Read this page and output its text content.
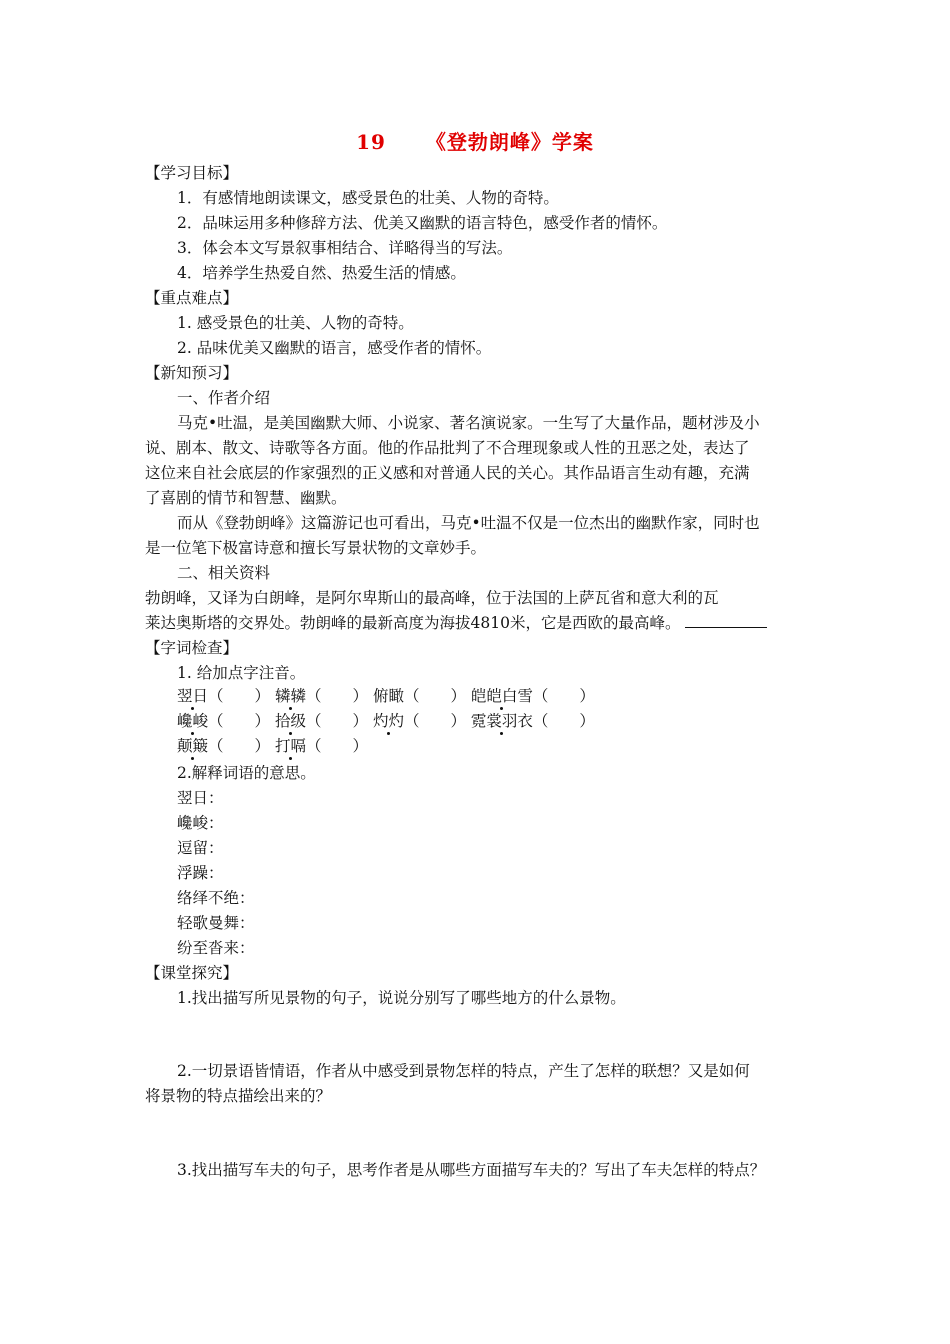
19 《登勃朗峰》学案
【学习目标】
1．有感情地朗读课文，感受景色的壮美、人物的奇特。
2．品味运用多种修辞方法、优美又幽默的语言特色，感受作者的情怀。
3．体会本文写景叙事相结合、详略得当的写法。
4．培养学生热爱自然、热爱生活的情感。
【重点难点】
1. 感受景色的壮美、人物的奇特。
2. 品味优美又幽默的语言，感受作者的情怀。
【新知预习】
一、作者介绍
马克•吐温，是美国幽默大师、小说家、著名演说家。一生写了大量作品，题材涉及小
说、剧本、散文、诗歌等各方面。他的作品批判了不合理现象或人性的丑恶之处，表达了
这位来自社会底层的作家强烈的正义感和对普通人民的关心。其作品语言生动有趣，充满
了喜剧的情节和智慧、幽默。
而从《登勃朗峰》这篇游记也可看出，马克•吐温不仅是一位杰出的幽默作家，同时也
是一位笔下极富诗意和擅长写景状物的文章妙手。
二、相关资料
勃朗峰，又译为白朗峰，是阿尔卑斯山的最高峰，位于法国的上萨瓦省和意大利的瓦
莱达奥斯塔的交界处。勃朗峰的最新高度为海拔4810米，它是西欧的最高峰。
【字词检查】
1. 给加点字注音。
翌日（　　） 辚辚（　　） 俯瞰（　　） 皑皑白雪（　　）
巉峻（　　） 拾级（　　） 灼灼（　　） 霓裳羽衣（　　）
颠簸（　　） 打嗝（　　）
2.解释词语的意思。
翌日：
巉峻：
逗留：
浮躁：
络绎不绝：
轻歌曼舞：
纷至沓来：
【课堂探究】
1.找出描写所见景物的句子，说说分别写了哪些地方的什么景物。
2.一切景语皆情语，作者从中感受到景物怎样的特点，产生了怎样的联想？又是如何
将景物的特点描绘出来的？
3.找出描写车夫的句子，思考作者是从哪些方面描写车夫的？写出了车夫怎样的特点？
